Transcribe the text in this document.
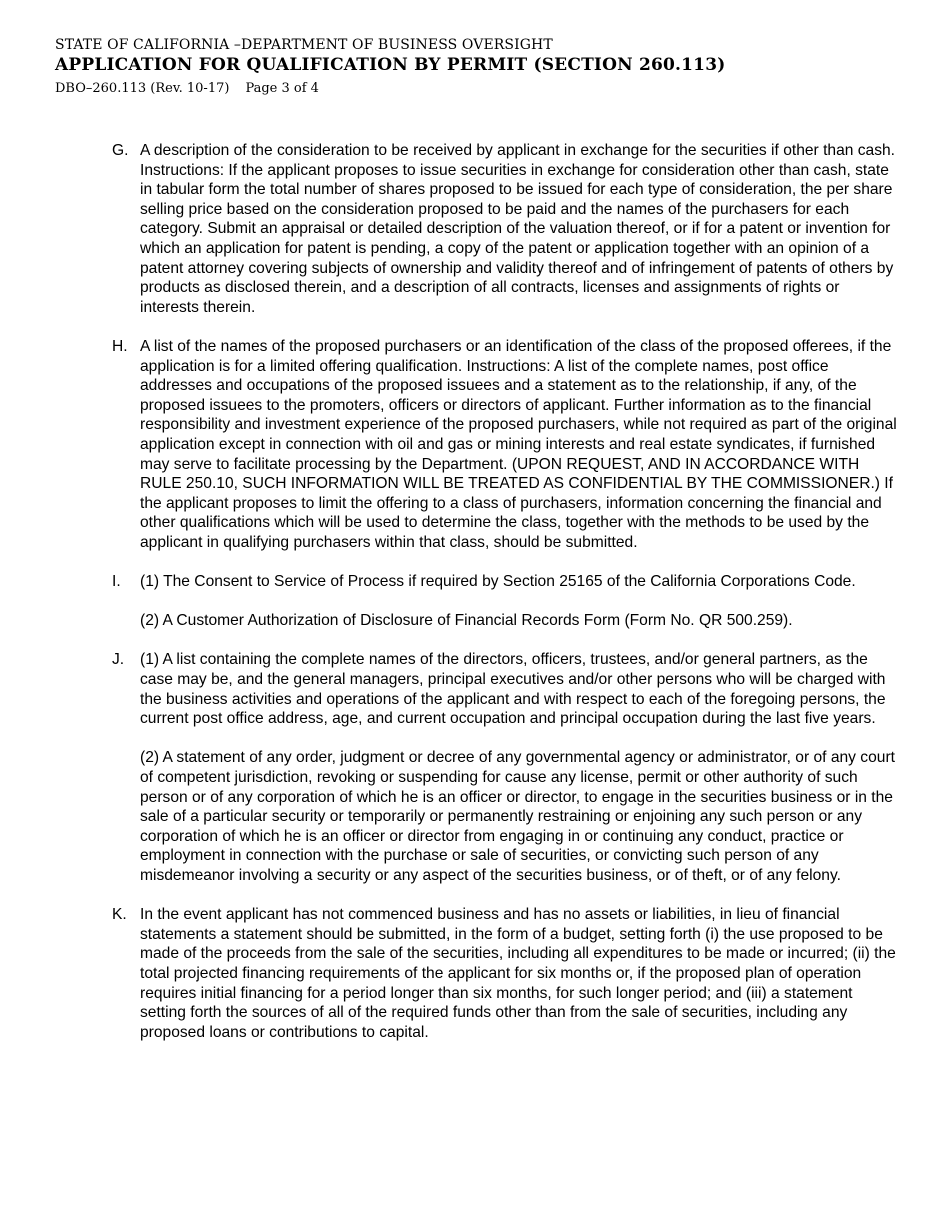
STATE OF CALIFORNIA –DEPARTMENT OF BUSINESS OVERSIGHT
APPLICATION FOR QUALIFICATION BY PERMIT (SECTION 260.113)
DBO–260.113 (Rev. 10-17) Page 3 of 4
G. A description of the consideration to be received by applicant in exchange for the securities if other than cash. Instructions: If the applicant proposes to issue securities in exchange for consideration other than cash, state in tabular form the total number of shares proposed to be issued for each type of consideration, the per share selling price based on the consideration proposed to be paid and the names of the purchasers for each category. Submit an appraisal or detailed description of the valuation thereof, or if for a patent or invention for which an application for patent is pending, a copy of the patent or application together with an opinion of a patent attorney covering subjects of ownership and validity thereof and of infringement of patents of others by products as disclosed therein, and a description of all contracts, licenses and assignments of rights or interests therein.

H. A list of the names of the proposed purchasers or an identification of the class of the proposed offerees, if the application is for a limited offering qualification. Instructions: A list of the complete names, post office addresses and occupations of the proposed issuees and a statement as to the relationship, if any, of the proposed issuees to the promoters, officers or directors of applicant. Further information as to the financial responsibility and investment experience of the proposed purchasers, while not required as part of the original application except in connection with oil and gas or mining interests and real estate syndicates, if furnished may serve to facilitate processing by the Department. (UPON REQUEST, AND IN ACCORDANCE WITH RULE 250.10, SUCH INFORMATION WILL BE TREATED AS CONFIDENTIAL BY THE COMMISSIONER.) If the applicant proposes to limit the offering to a class of purchasers, information concerning the financial and other qualifications which will be used to determine the class, together with the methods to be used by the applicant in qualifying purchasers within that class, should be submitted.

I.	(1) The Consent to Service of Process if required by Section 25165 of the California Corporations Code.

(2) A Customer Authorization of Disclosure of Financial Records Form (Form No. QR 500.259).

J.	(1) A list containing the complete names of the directors, officers, trustees, and/or general partners, as the case may be, and the general managers, principal executives and/or other persons who will be charged with the business activities and operations of the applicant and with respect to each of the foregoing persons, the current post office address, age, and current occupation and principal occupation during the last five years.

(2) A statement of any order, judgment or decree of any governmental agency or administrator, or of any court of competent jurisdiction, revoking or suspending for cause any license, permit or other authority of such person or of any corporation of which he is an officer or director, to engage in the securities business or in the sale of a particular security or temporarily or permanently restraining or enjoining any such person or any corporation of which he is an officer or director from engaging in or continuing any conduct, practice or employment in connection with the purchase or sale of securities, or convicting such person of any misdemeanor involving a security or any aspect of the securities business, or of theft, or of any felony.

K. In the event applicant has not commenced business and has no assets or liabilities, in lieu of financial statements a statement should be submitted, in the form of a budget, setting forth (i) the use proposed to be made of the proceeds from the sale of the securities, including all expenditures to be made or incurred; (ii) the total projected financing requirements of the applicant for six months or, if the proposed plan of operation requires initial financing for a period longer than six months, for such longer period; and (iii) a statement setting forth the sources of all of the required funds other than from the sale of securities, including any proposed loans or contributions to capital.
